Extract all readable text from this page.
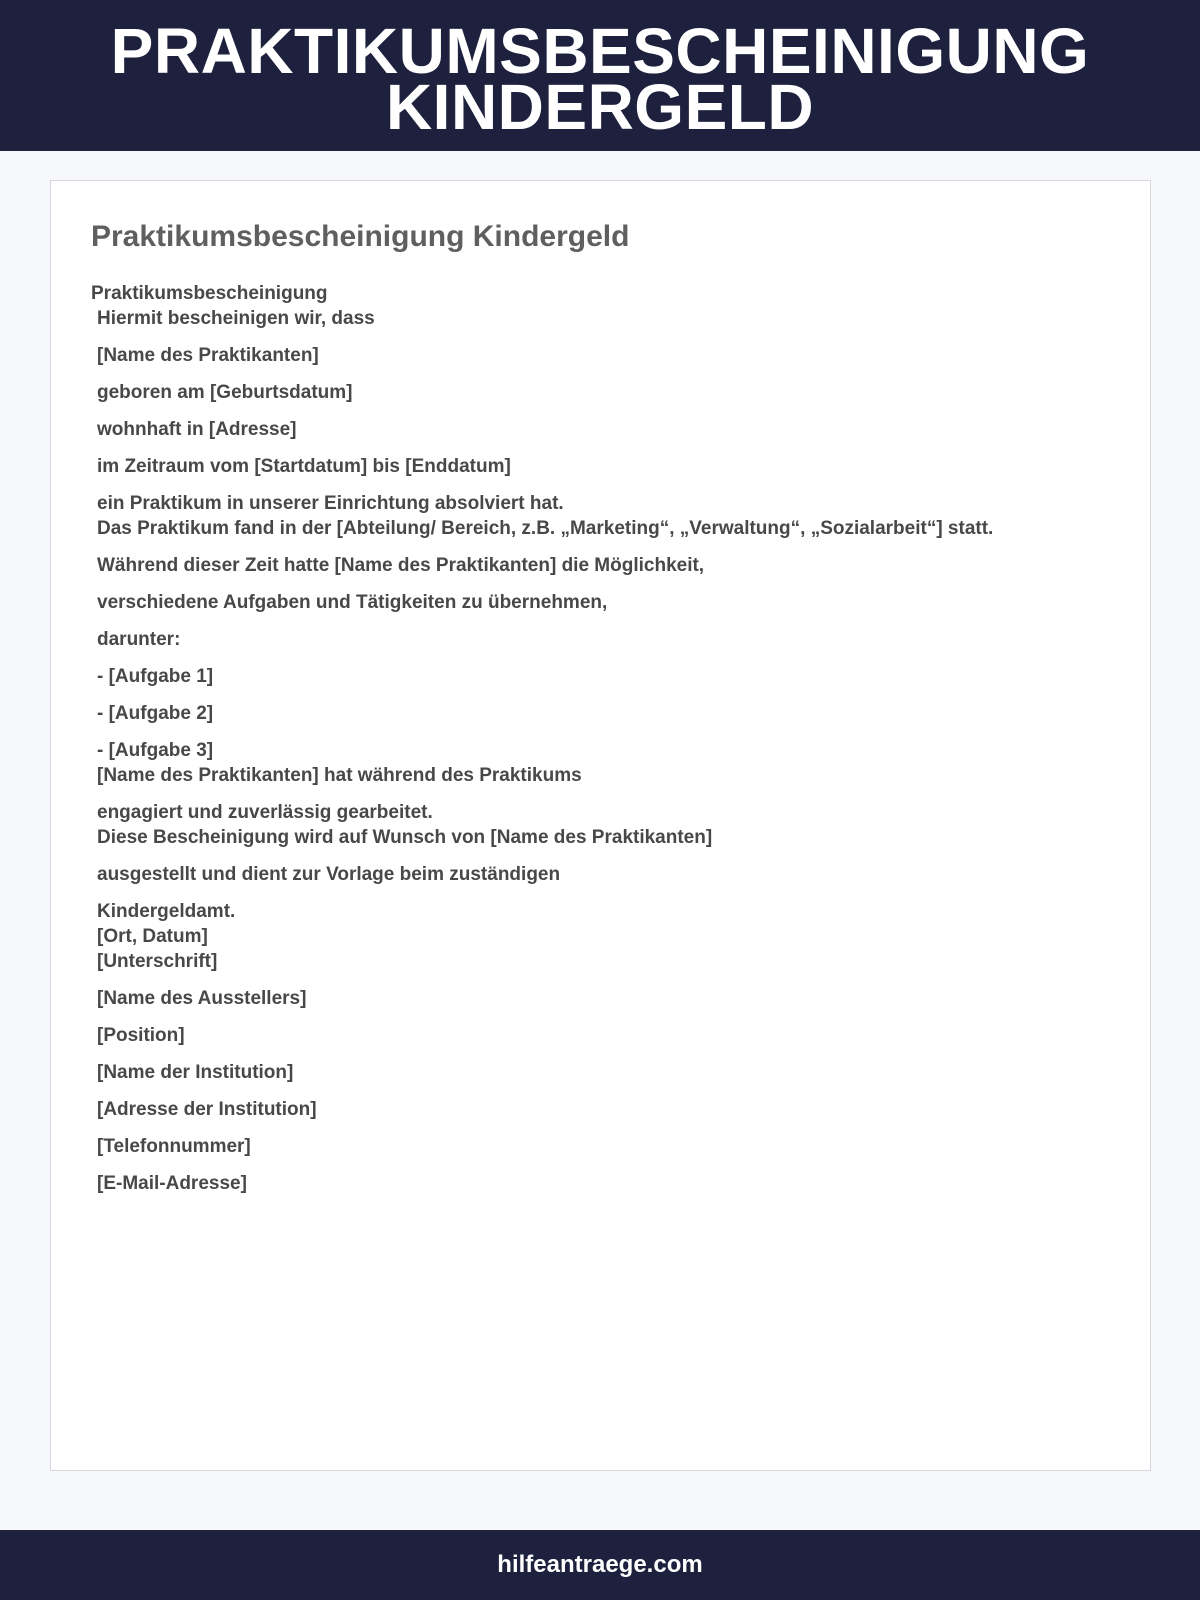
PRAKTIKUMSBESCHEINIGUNG
KINDERGELD
Praktikumsbescheinigung Kindergeld
Praktikumsbescheinigung
Hiermit bescheinigen wir, dass
[Name des Praktikanten]
geboren am [Geburtsdatum]
wohnhaft in [Adresse]
im Zeitraum vom [Startdatum] bis [Enddatum]
ein Praktikum in unserer Einrichtung absolviert hat.
Das Praktikum fand in der [Abteilung/ Bereich, z.B. „Marketing“, „Verwaltung“, „Sozialarbeit“] statt.
Während dieser Zeit hatte [Name des Praktikanten] die Möglichkeit,
verschiedene Aufgaben und Tätigkeiten zu übernehmen,
darunter:
- [Aufgabe 1]
- [Aufgabe 2]
- [Aufgabe 3]
[Name des Praktikanten] hat während des Praktikums
engagiert und zuverlässig gearbeitet.
Diese Bescheinigung wird auf Wunsch von [Name des Praktikanten]
ausgestellt und dient zur Vorlage beim zuständigen
Kindergeldamt.
[Ort, Datum]
[Unterschrift]
[Name des Ausstellers]
[Position]
[Name der Institution]
[Adresse der Institution]
[Telefonnummer]
[E-Mail-Adresse]
hilfeantraege.com
